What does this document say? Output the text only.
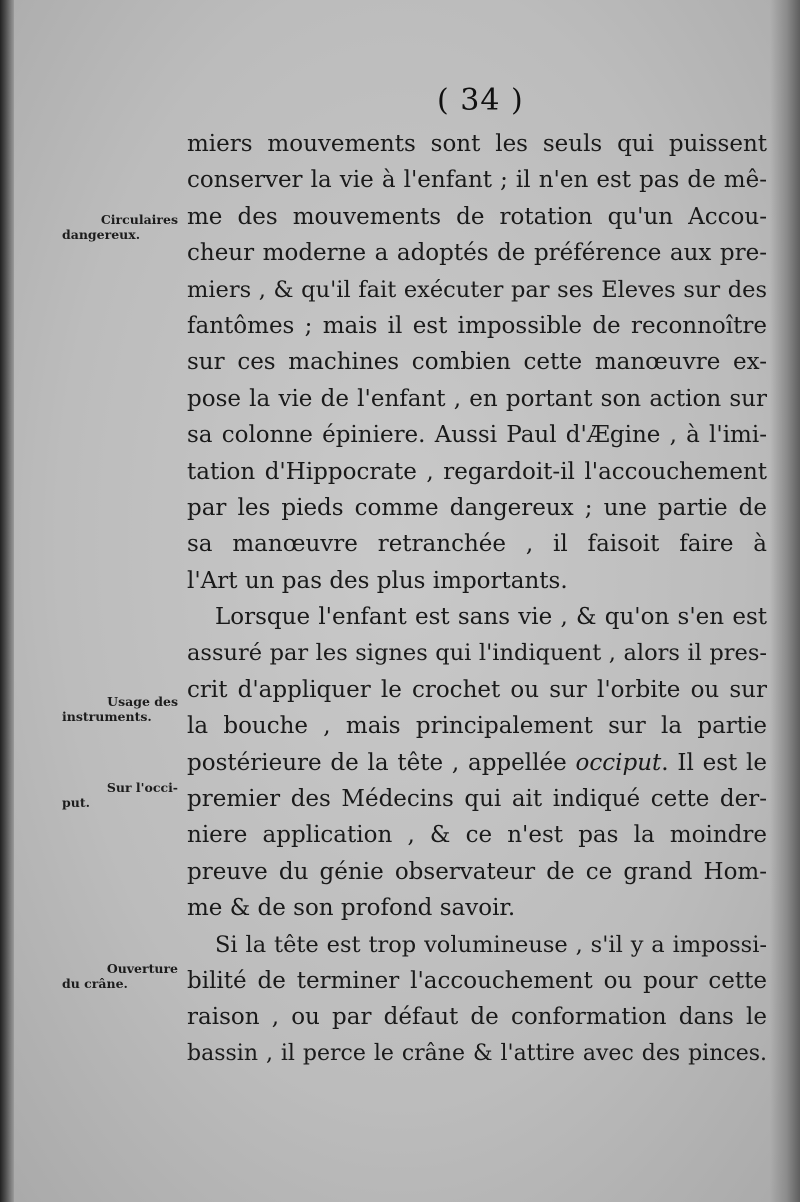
( 34 )
Circulaires
dangereux.
Usage des
instruments.
Sur l'occi-
put.
Ouverture
du crâne.
miers mouvements sont les seuls qui puissent
conserver la vie à l'enfant ; il n'en est pas de mê-
me des mouvements de rotation qu'un Accou-
cheur moderne a adoptés de préférence aux pre-
miers , & qu'il fait exécuter par ses Eleves sur des
fantômes ; mais il est impossible de reconnoître
sur ces machines combien cette manœuvre ex-
pose la vie de l'enfant , en portant son action sur
sa colonne épiniere. Aussi Paul d'Ægine , à l'imi-
tation d'Hippocrate , regardoit-il l'accouchement
par les pieds comme dangereux ; une partie de
sa manœuvre retranchée , il faisoit faire à
l'Art un pas des plus importants.
Lorsque l'enfant est sans vie , & qu'on s'en est
assuré par les signes qui l'indiquent , alors il pres-
crit d'appliquer le crochet ou sur l'orbite ou sur
la bouche , mais principalement sur la partie
postérieure de la tête , appellée occiput. Il est le
premier des Médecins qui ait indiqué cette der-
niere application , & ce n'est pas la moindre
preuve du génie observateur de ce grand Hom-
me & de son profond savoir.
Si la tête est trop volumineuse , s'il y a impossi-
bilité de terminer l'accouchement ou pour cette
raison , ou par défaut de conformation dans le
bassin , il perce le crâne & l'attire avec des pinces.
